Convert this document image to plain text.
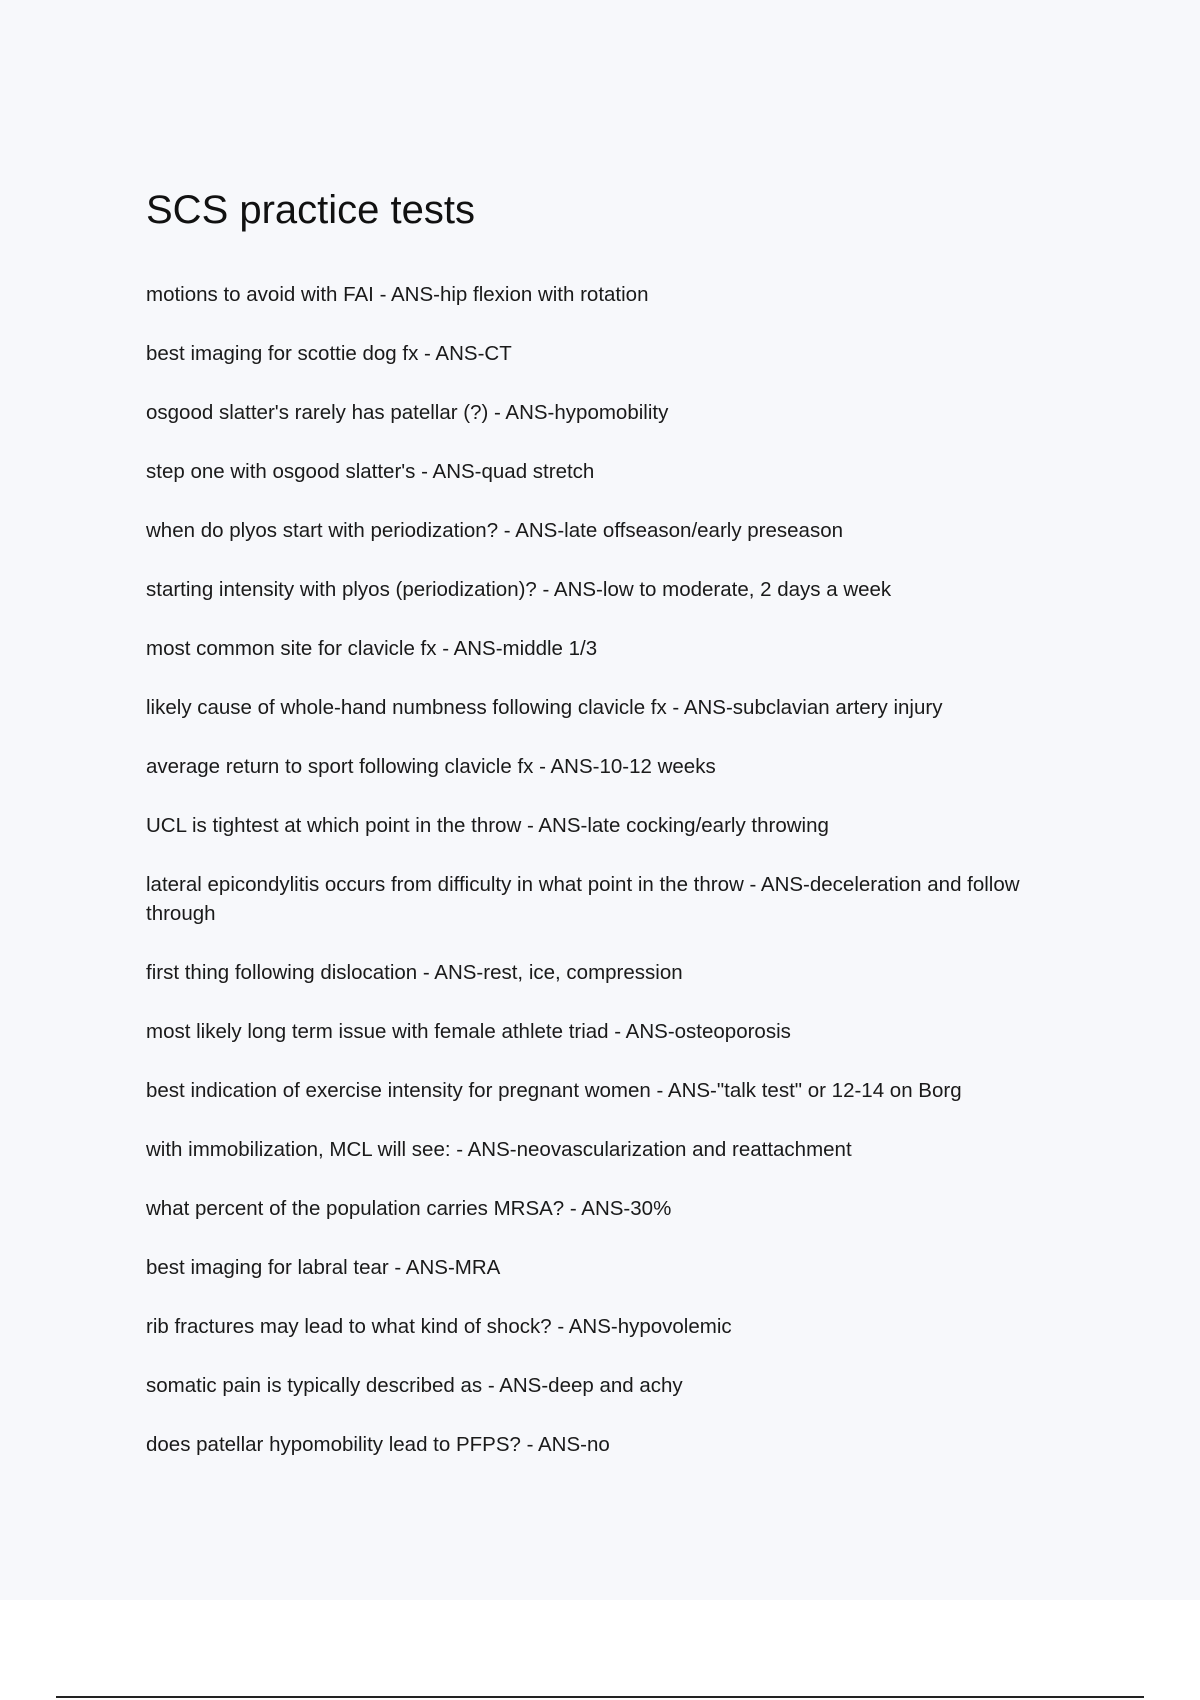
SCS practice tests
motions to avoid with FAI - ANS-hip flexion with rotation
best imaging for scottie dog fx - ANS-CT
osgood slatter's rarely has patellar (?) - ANS-hypomobility
step one with osgood slatter's - ANS-quad stretch
when do plyos start with periodization? - ANS-late offseason/early preseason
starting intensity with plyos (periodization)? - ANS-low to moderate, 2 days a week
most common site for clavicle fx - ANS-middle 1/3
likely cause of whole-hand numbness following clavicle fx - ANS-subclavian artery injury
average return to sport following clavicle fx - ANS-10-12 weeks
UCL is tightest at which point in the throw - ANS-late cocking/early throwing
lateral epicondylitis occurs from difficulty in what point in the throw - ANS-deceleration and follow through
first thing following dislocation - ANS-rest, ice, compression
most likely long term issue with female athlete triad - ANS-osteoporosis
best indication of exercise intensity for pregnant women - ANS-"talk test" or 12-14 on Borg
with immobilization, MCL will see: - ANS-neovascularization and reattachment
what percent of the population carries MRSA? - ANS-30%
best imaging for labral tear - ANS-MRA
rib fractures may lead to what kind of shock? - ANS-hypovolemic
somatic pain is typically described as - ANS-deep and achy
does patellar hypomobility lead to PFPS? - ANS-no
